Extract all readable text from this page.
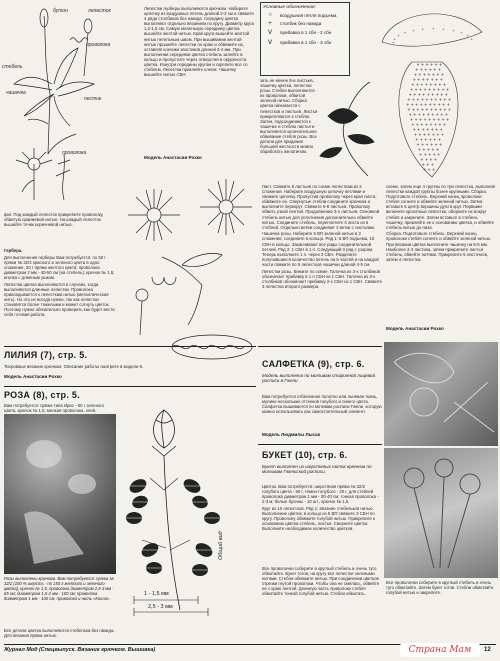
бутон	лепесток
проволока
стебель
чашечка
пестик
проволока
фиг. Под каждый лепесток прикрепите проволоку, обвитую оранжевой нитью. На каждый лепесток вышейте точки коричневой нитью.

Гербера.

Для выполнения герберы Вам потребуется: по 50 г пряжи № 32/2 красного и зеленого цвета в одно сложение, 20 г пряжи желтого цвета; проволока диаметром 2 мм - 40-50 см (на стебель); крючок № 1,5; иголка с длинным ушком.

Лепестки цветка выполняются в случаях, когда выполняются длинные лепестки. Проволока прикладывается к лепесткам нитью (металлическая нить). Но это не всегда нужно, так как лепестки становятся более тяжелыми и может согнуть цветок. Поэтому нужно обязательно проверить как будет вести себя готовая работа.

Лепестки герберы выполняются крючком. Наберите цепочку из воздушных петель длиной 2-3 см и свяжите 4 ряда столбиков без накида. Середину цветка выполняют отдельно вязанием по кругу. Диаметр круга 1,2-1,5 см. Самую маленькую серединку цветка вышейте желтой нитью. Край круга вышейте желтой нитью петельным швом. При вышивании желтой нитью прошейте лепестки по краю и обвяжите их, оставляя кончики хвостиков длиной 3-4 мм. При выполнении серединки цветка стебель залейте в кольцо и пропустите через отверстия в окружности цветка. Изнутри середины кругом и скрепите все со стеблем. Лепестки приклейте клеем. Чашечку вышейте нитью СБН.
Модель Анастасии Рохко
Условные обозначения:
○	воздушная петля подъема
+	столбик без накида
Ⅴ	прибавка в 1 сбн - 2 сбн
ᐯ	прибавка в 1 сбн - 3 сбн
+ + + + + +
+ + + + + +
+ + + + + + +
+ + + + + + +
+ + + + + + + +
+ + + + + + + + +
+ + + + + + + + +
+ + + + + + + + + +
+ + + + + + + + + +
+ + + + + + + + + +
+ + + + + + + + +
+ + + + + + + + +
+ + + + + + + +
+ + + + + + +
+ + + + + + +
+ + + + + +
+ + + + + +
+ + + + +
+ + + + +
+ + + +
+ + +
+ + +
+
+
+
+ + + + + + +
+
+
зать не менее 8-и листьев, чашечку цветка, лепестки розы. Стебли выполняются из проволоки, обвитой зеленой нитью. Сборка цветка начинается с лепестков и листьев. Листья прикрепляются к стеблю. Затем, подсоединяются к чашечке и стеблю листья и выполняется окончательное обвивание стебля розы. Все детали для придания большей жесткости можно обработать желатином.

Лист. Свяжите 8 листьев по схеме лепесткам из 2 сложения. Наберите воздушную цепочку петлями и свяжите цепочку. Пропустив проволоку через края листа, обвяжите ее. Свернутые стебли соедините крючком и выполните перекрут. Свяжите 6-8 листьев. Проволоку обвить узкой лентой. Продолжение 3-х листьев. Основной стебель нитью для уплотнения дополнительно обвейте нитью. Соедините стебель, переплетите 3 листа из 5 стеблей. Отдельно ветви соединяют 2 ветки с листьями.

Чашечка розы. Наберите 5 ВП зеленой нитью в 2 сложения, соедините в кольцо. Ряд 1: в ВП подъема, 10 СБН в кольцо. Заканчивают все ряды соединительной петлей. Ряд 2: 1 СБН в 1 п. Следующий 3 ряд с узором. Теперь выполните 1 п. через 3 СБН. Разделите получившиеся количество петель на 5 частей и на каждой части свяжите по 5 лепестков чашечки длиной 4-5 см.

Лепестки розы. Вяжите по схеме. Галочка из 3-х столбиков обозначает прибавку в 1 п СБН из 1 СБН. Галочка из 3-х столбиков обозначает прибавку 2-х СБН из 1 СБН. Свяжите 3 лепестка второго размера.

схеме, затем еще 4 группы по три лепестка, выполняя лепестки каждой группы более крупными. Сборка. Подготовьте стебель. Верхний конец проволоки стебля согните и обвейте зеленой нитью. Затем вставьте в центр вершины дуги в круг. Первыми включите крохотные лепестки, оберните их вокруг стебля и закрепите. Затем вставьте в стебель чашечку, приклейте ее к основанию цветка, и обвейте стебель нитью до низа.

Сборка. Подготовьте стебель. Верхний конец проволоки стебля согните и обвейте зеленой нитью. При вязании цветка выполните чашечку на 5-6 мм. Наиболее 2-3 листика, затем прикрепите листья стебель, обвейте нитями. Прикрепите 5 листочков, затем 4 лепестка.

Модель Анастасии Рохко
ЛИЛИЯ (7), стр. 5.
Тисроваые вязание крючком. Описание работы смотрите в модели 6.
Модель Анастасии Рохко
САЛФЕТКА (9), стр. 6.
Модель выполнена по мотивам старинной лицевой росписи в Гжели
Вам потребуется отбеленное полотно или льняная ткань, мулине нескольких оттенков голубого и синего цвета. Салфетка вышивается по мотивам росписи Гжели, которую можно использовать как самостоятельный элемент.
Модель Людмилы Лысак
РОЗА (8), стр. 5.
Вам потребуется: пряжа типа Ирис - 50 г зеленого цвета, крючок № 1,5, мелкая проволока, клей.
Розы выполнены крючком. Вам потребуется: пряжа № 32/2 (100 % шерсть - по 150 г желтого и зеленого цвета), крючок № 1,5, проволока диаметром 2,5-3 мм - 65 см; диаметром 1,5-2 мм - 100 см; проволока диаметром 1 мм - 100 см, проволока и нить «Кохла».
Все детали цветка выполняются стебелька без накида. Для вязания пряжа нитью.
1 - 1,5 мм
2,5 - 3 мм
Общий вид
БУКЕТ (10), стр. 6.
Букет выполнен из шерстяных ниток крючком по мотивам Гжельской росписи.

Цветок. Вам потребуется: шерстяная пряжа № 32/2 голубого цвета - 50 г, темно-голубого - 20 г, для стеблей проволока диаметром 1 мм - 30-40 см; тонкая проволока - 2-3 м; белые бусины - 10 шт., крючок № 1,5.

Круг из 10 лепестков. Ряд 1: вязание стебельков нитью. Выполнение цветка: в кольцо из 5 ВП свяжите 3 СБН по кругу. Проволоку обвяжите голубой нитью. Прикрепите к основанию цветка стебель, листья. Сверните цветок. Выполните необходимое количество цветков.

Все проволочки соберите в круглый стебель и очень туго обмотайте. Букет готов, на кругу все лепестки зелеными нитями. Стебли обвяжите нитью. При соединении цветков отрезки гнутой проволоки. Чтобы она не смялась, обвейте ее с краю лентой. Длинную часть проволоки стебля обмотайте тонкой голубой нитью. Стебли обмотать.
Все проволочки соберите в круглый стебель и очень туго обмотайте. Затем букет готов. Стебли обмотайте голубой нитью и закрепите.
Журнал Мод (Спецвыпуск. Вязание крючком. Вышивка)	Страна Мам 12
